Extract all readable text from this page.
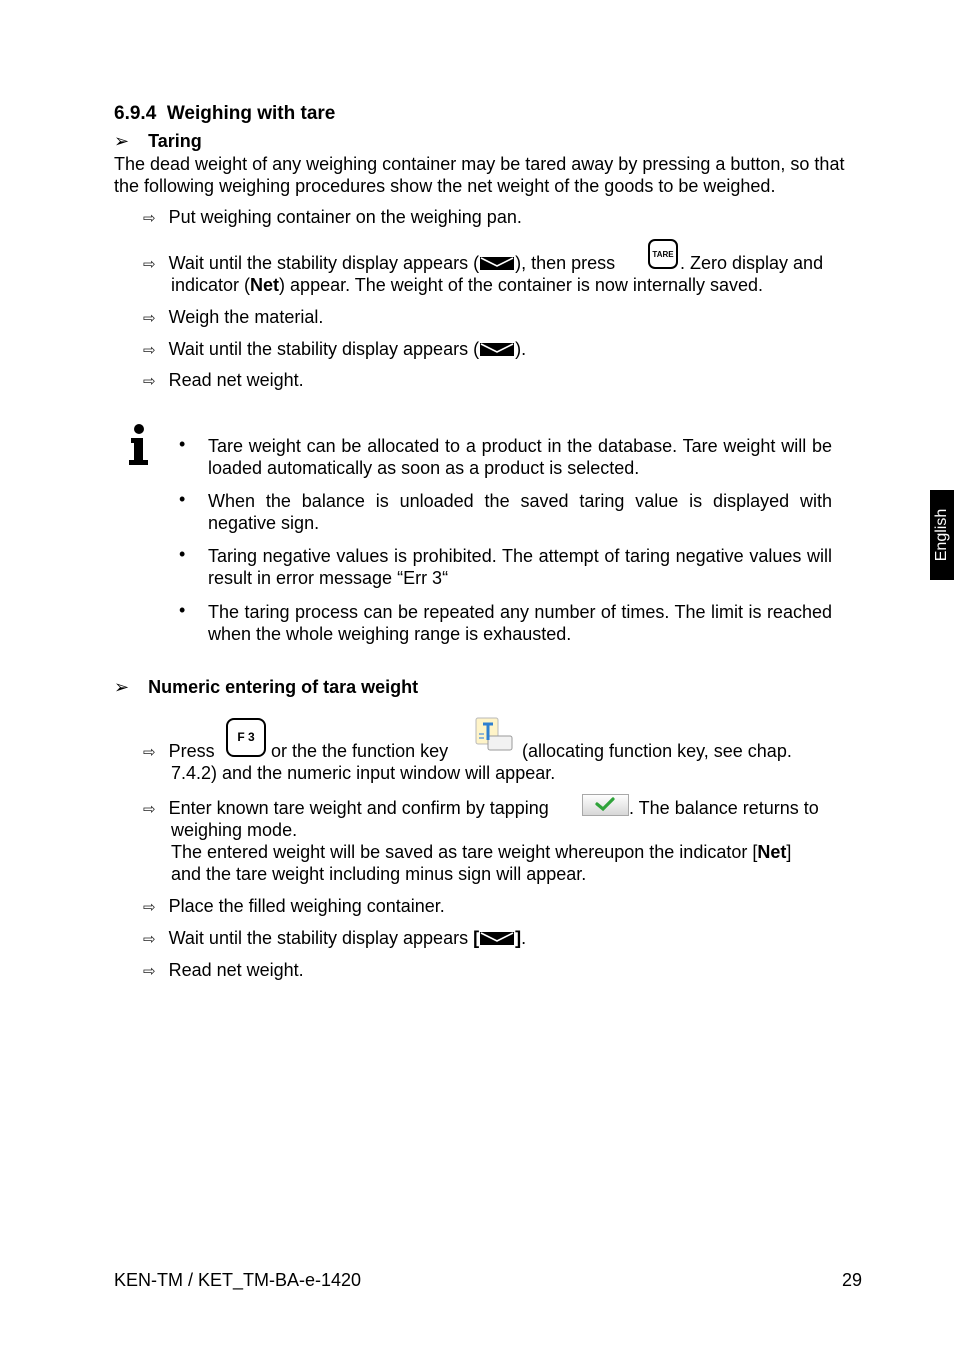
6.9.4 Weighing with tare
➢ Taring
The dead weight of any weighing container may be tared away by pressing a button, so that the following weighing procedures show the net weight of the goods to be weighed.
⇨ Put weighing container on the weighing pan.
⇨ Wait until the stability display appears ( ), then press	TARE . Zero display and
indicator (Net) appear. The weight of the container is now internally saved.
⇨ Weigh the material.
⇨ Wait until the stability display appears ( ).
⇨ Read net weight.
• Tare weight can be allocated to a product in the database. Tare weight will be loaded automatically as soon as a product is selected.
• When the balance is unloaded the saved taring value is displayed with negative sign.
• Taring negative values is prohibited. The attempt of taring negative values will result in error message “Err 3“
• The taring process can be repeated any number of times. The limit is reached when the whole weighing range is exhausted.
➢ Numeric entering of tara weight
⇨ Press
F 3
or the the function key	(allocating function key, see chap.
7.4.2) and the numeric input window will appear.
⇨ Enter known tare weight and confirm by tapping	. The balance returns to
weighing mode.
The entered weight will be saved as tare weight whereupon the indicator [Net]
and the tare weight including minus sign will appear.
⇨ Place the filled weighing container.
⇨ Wait until the stability display appears [ ].
⇨ Read net weight.
English
KEN-TM / KET_TM-BA-e-1420	29
